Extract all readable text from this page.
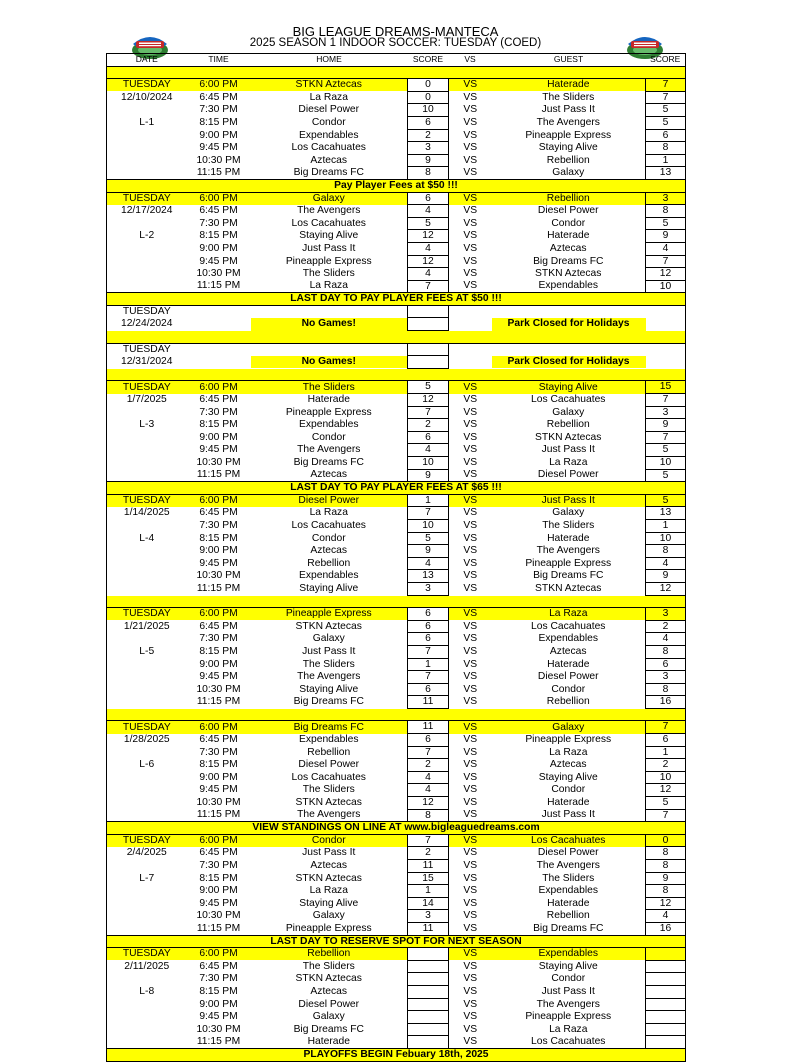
BIG LEAGUE DREAMS-MANTECA
2025 SEASON 1 INDOOR SOCCER: TUESDAY (COED)
DATE	TIME	HOME	SCORE	VS	GUEST	SCORE

TUESDAY	6:00 PM	STKN Aztecas	0	VS	Haterade	7
12/10/2024	6:45 PM	La Raza	0	VS	The Sliders	7
	7:30 PM	Diesel Power	10	VS	Just Pass It	5
L-1	8:15 PM	Condor	6	VS	The Avengers	5
	9:00 PM	Expendables	2	VS	Pineapple Express	6
	9:45 PM	Los Cacahuates	3	VS	Staying Alive	8
	10:30 PM	Aztecas	9	VS	Rebellion	1
	11:15 PM	Big Dreams FC	8	VS	Galaxy	13
Pay Player Fees at $50 !!!						
TUESDAY	6:00 PM	Galaxy	6	VS	Rebellion	3
12/17/2024	6:45 PM	The Avengers	4	VS	Diesel Power	8
	7:30 PM	Los Cacahuates	5	VS	Condor	5
L-2	8:15 PM	Staying Alive	12	VS	Haterade	9
	9:00 PM	Just Pass It	4	VS	Aztecas	4
	9:45 PM	Pineapple Express	12	VS	Big Dreams FC	7
	10:30 PM	The Sliders	4	VS	STKN Aztecas	12
	11:15 PM	La Raza	7	VS	Expendables	10
LAST DAY TO PAY PLAYER FEES AT $50 !!!						
TUESDAY						
12/24/2024		No Games!			Park Closed for Holidays	

TUESDAY						
12/31/2024		No Games!			Park Closed for Holidays	

TUESDAY	6:00 PM	The Sliders	5	VS	Staying Alive	15
1/7/2025	6:45 PM	Haterade	12	VS	Los Cacahuates	7
	7:30 PM	Pineapple Express	7	VS	Galaxy	3
L-3	8:15 PM	Expendables	2	VS	Rebellion	9
	9:00 PM	Condor	6	VS	STKN Aztecas	7
	9:45 PM	The Avengers	4	VS	Just Pass It	5
	10:30 PM	Big Dreams FC	10	VS	La Raza	10
	11:15 PM	Aztecas	9	VS	Diesel Power	5
LAST DAY TO PAY PLAYER FEES AT $65 !!!						
TUESDAY	6:00 PM	Diesel Power	1	VS	Just Pass It	5
1/14/2025	6:45 PM	La Raza	7	VS	Galaxy	13
	7:30 PM	Los Cacahuates	10	VS	The Sliders	1
L-4	8:15 PM	Condor	5	VS	Haterade	10
	9:00 PM	Aztecas	9	VS	The Avengers	8
	9:45 PM	Rebellion	4	VS	Pineapple Express	4
	10:30 PM	Expendables	13	VS	Big Dreams FC	9
	11:15 PM	Staying Alive	3	VS	STKN Aztecas	12

TUESDAY	6:00 PM	Pineapple Express	6	VS	La Raza	3
1/21/2025	6:45 PM	STKN Aztecas	6	VS	Los Cacahuates	2
	7:30 PM	Galaxy	6	VS	Expendables	4
L-5	8:15 PM	Just Pass It	7	VS	Aztecas	8
	9:00 PM	The Sliders	1	VS	Haterade	6
	9:45 PM	The Avengers	7	VS	Diesel Power	3
	10:30 PM	Staying Alive	6	VS	Condor	8
	11:15 PM	Big Dreams FC	11	VS	Rebellion	16

TUESDAY	6:00 PM	Big Dreams FC	11	VS	Galaxy	7
1/28/2025	6:45 PM	Expendables	6	VS	Pineapple Express	6
	7:30 PM	Rebellion	7	VS	La Raza	1
L-6	8:15 PM	Diesel Power	2	VS	Aztecas	2
	9:00 PM	Los Cacahuates	4	VS	Staying Alive	10
	9:45 PM	The Sliders	4	VS	Condor	12
	10:30 PM	STKN Aztecas	12	VS	Haterade	5
	11:15 PM	The Avengers	8	VS	Just Pass It	7
VIEW STANDINGS ON LINE AT www.bigleaguedreams.com						
TUESDAY	6:00 PM	Condor	7	VS	Los Cacahuates	0
2/4/2025	6:45 PM	Just Pass It	2	VS	Diesel Power	8
	7:30 PM	Aztecas	11	VS	The Avengers	8
L-7	8:15 PM	STKN Aztecas	15	VS	The Sliders	9
	9:00 PM	La Raza	1	VS	Expendables	8
	9:45 PM	Staying Alive	14	VS	Haterade	12
	10:30 PM	Galaxy	3	VS	Rebellion	4
	11:15 PM	Pineapple Express	11	VS	Big Dreams FC	16
LAST DAY TO RESERVE SPOT FOR NEXT SEASON						
TUESDAY	6:00 PM	Rebellion		VS	Expendables	
2/11/2025	6:45 PM	The Sliders		VS	Staying Alive	
	7:30 PM	STKN Aztecas		VS	Condor	
L-8	8:15 PM	Aztecas		VS	Just Pass It	
	9:00 PM	Diesel Power		VS	The Avengers	
	9:45 PM	Galaxy		VS	Pineapple Express	
	10:30 PM	Big Dreams FC		VS	La Raza	
	11:15 PM	Haterade		VS	Los Cacahuates	
PLAYOFFS BEGIN Febuary 18th, 2025						
